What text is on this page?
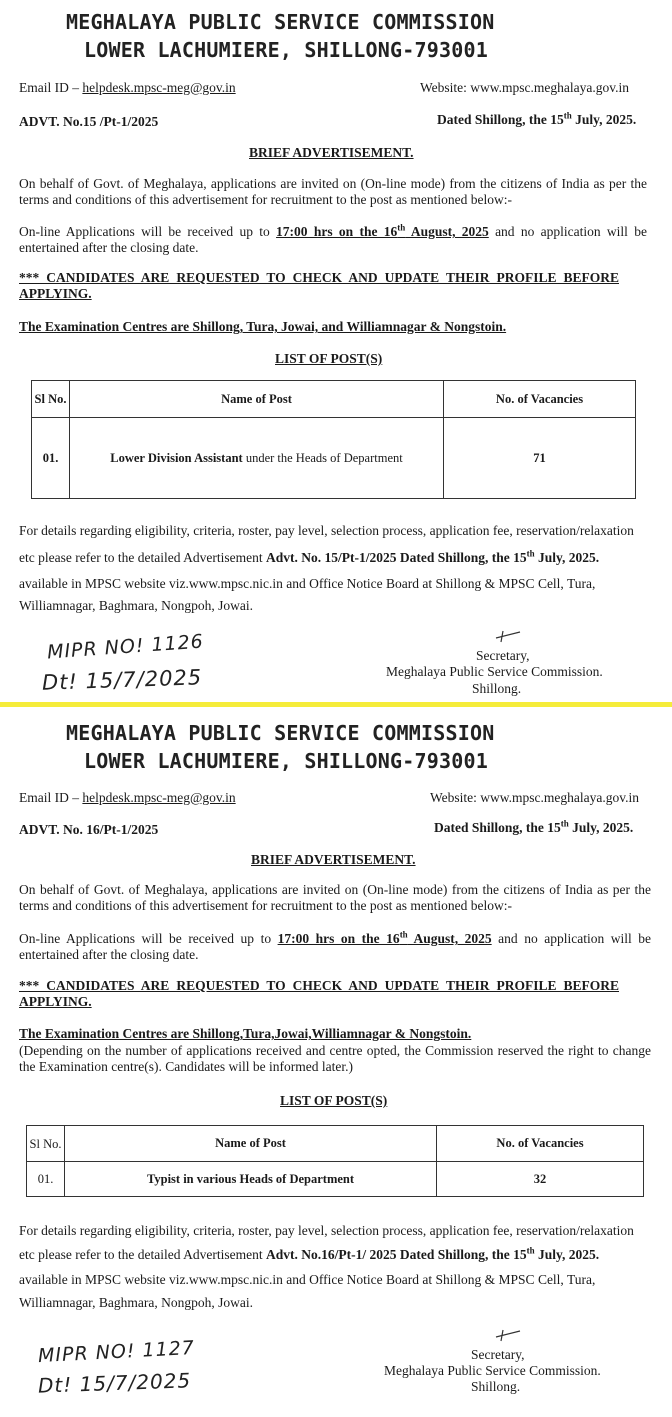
MEGHALAYA PUBLIC SERVICE COMMISSION
LOWER LACHUMIERE, SHILLONG-793001
Email ID – helpdesk.mpsc-meg@gov.in	Website: www.mpsc.meghalaya.gov.in
ADVT. No.15 /Pt-1/2025	Dated Shillong, the 15th July, 2025.
BRIEF ADVERTISEMENT.
On behalf of Govt. of Meghalaya, applications are invited on (On-line mode) from the citizens of India as per the terms and conditions of this advertisement for recruitment to the post as mentioned below:-
On-line Applications will be received up to 17:00 hrs on the 16th August, 2025 and no application will be entertained after the closing date.
*** CANDIDATES ARE REQUESTED TO CHECK AND UPDATE THEIR PROFILE BEFORE APPLYING.
The Examination Centres are Shillong, Tura, Jowai, and Williamnagar & Nongstoin.
LIST OF POST(S)
Sl No.	Name of Post	No. of Vacancies
01.	Lower Division Assistant under the Heads of Department	71
For details regarding eligibility, criteria, roster, pay level, selection process, application fee, reservation/relaxation
etc please refer to the detailed Advertisement Advt. No. 15/Pt-1/2025 Dated Shillong, the 15th July, 2025.
available in MPSC website viz.www.mpsc.nic.in and Office Notice Board at Shillong & MPSC Cell, Tura,
Williamnagar, Baghmara, Nongpoh, Jowai.
MIPR NO! 1126
Dt! 15/7/2025
Secretary,
Meghalaya Public Service Commission.
Shillong.
MEGHALAYA PUBLIC SERVICE COMMISSION
LOWER LACHUMIERE, SHILLONG-793001
Email ID – helpdesk.mpsc-meg@gov.in	Website: www.mpsc.meghalaya.gov.in
ADVT. No. 16/Pt-1/2025	Dated Shillong, the 15th July, 2025.
BRIEF ADVERTISEMENT.
On behalf of Govt. of Meghalaya, applications are invited on (On-line mode) from the citizens of India as per the terms and conditions of this advertisement for recruitment to the post as mentioned below:-
On-line Applications will be received up to 17:00 hrs on the 16th August, 2025 and no application will be entertained after the closing date.
*** CANDIDATES ARE REQUESTED TO CHECK AND UPDATE THEIR PROFILE BEFORE APPLYING.
The Examination Centres are Shillong,Tura,Jowai,Williamnagar & Nongstoin.
(Depending on the number of applications received and centre opted, the Commission reserved the right to change the Examination centre(s). Candidates will be informed later.)
LIST OF POST(S)
Sl No.	Name of Post	No. of Vacancies
01.	Typist in various Heads of Department	32
For details regarding eligibility, criteria, roster, pay level, selection process, application fee, reservation/relaxation
etc please refer to the detailed Advertisement Advt. No.16/Pt-1/ 2025 Dated Shillong, the 15th July, 2025.
available in MPSC website viz.www.mpsc.nic.in and Office Notice Board at Shillong & MPSC Cell, Tura,
Williamnagar, Baghmara, Nongpoh, Jowai.
MIPR NO! 1127
Dt! 15/7/2025
Secretary,
Meghalaya Public Service Commission.
Shillong.
